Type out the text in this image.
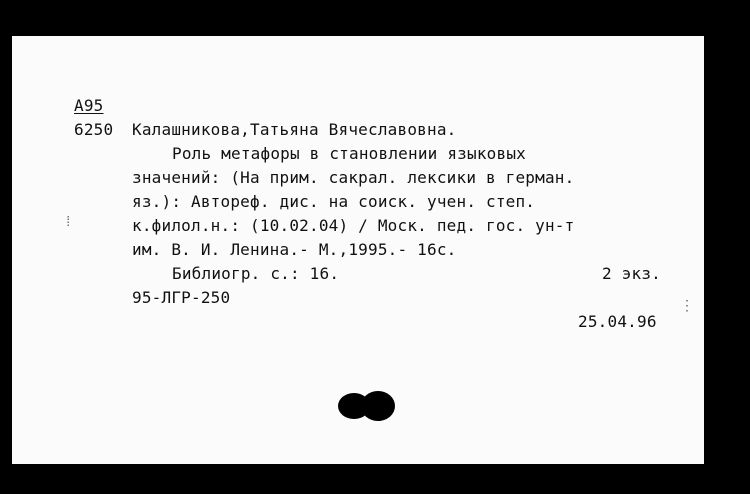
А95
6250 Калашникова,Татьяна Вячеславовна.
Роль метафоры в становлении языковых
значений: (На прим. сакрал. лексики в герман.
яз.): Автореф. дис. на соиск. учен. степ.
к.филол.н.: (10.02.04) / Моск. пед. гос. ун-т
им. В. И. Ленина.- М.,1995.- 16с.
Библиогр. с.: 16.	2 экз.
95-ЛГР-250
25.04.96
⁞
⋮
